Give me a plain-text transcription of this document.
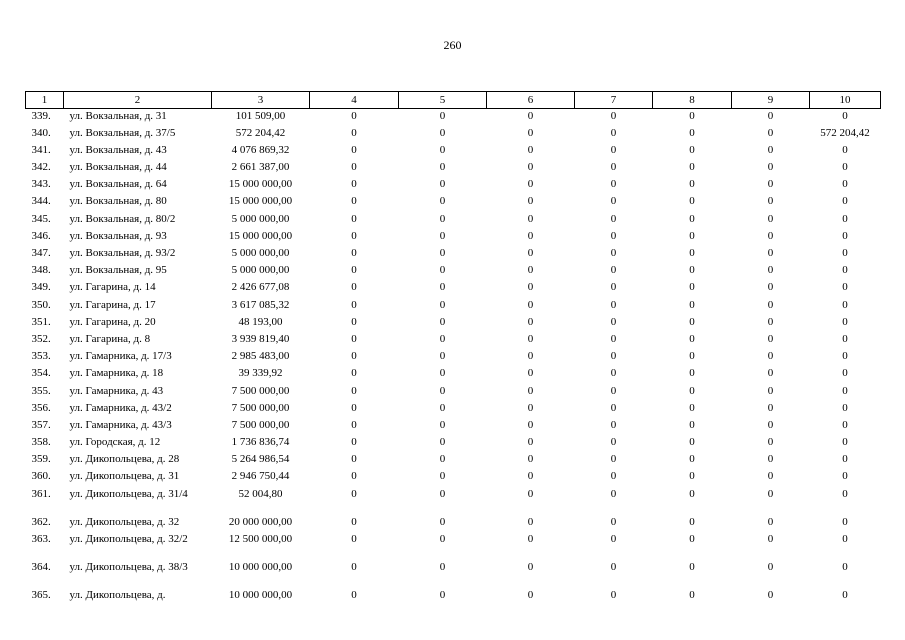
260
1	2	3	4	5	6	7	8	9	10
339.	ул. Вокзальная, д. 31	101 509,00	0	0	0	0	0	0	0
340.	ул. Вокзальная, д. 37/5	572 204,42	0	0	0	0	0	0	572 204,42
341.	ул. Вокзальная, д. 43	4 076 869,32	0	0	0	0	0	0	0
342.	ул. Вокзальная, д. 44	2 661 387,00	0	0	0	0	0	0	0
343.	ул. Вокзальная, д. 64	15 000 000,00	0	0	0	0	0	0	0
344.	ул. Вокзальная, д. 80	15 000 000,00	0	0	0	0	0	0	0
345.	ул. Вокзальная, д. 80/2	5 000 000,00	0	0	0	0	0	0	0
346.	ул. Вокзальная, д. 93	15 000 000,00	0	0	0	0	0	0	0
347.	ул. Вокзальная, д. 93/2	5 000 000,00	0	0	0	0	0	0	0
348.	ул. Вокзальная, д. 95	5 000 000,00	0	0	0	0	0	0	0
349.	ул. Гагарина, д. 14	2 426 677,08	0	0	0	0	0	0	0
350.	ул. Гагарина, д. 17	3 617 085,32	0	0	0	0	0	0	0
351.	ул. Гагарина, д. 20	48 193,00	0	0	0	0	0	0	0
352.	ул. Гагарина, д. 8	3 939 819,40	0	0	0	0	0	0	0
353.	ул. Гамарника, д. 17/3	2 985 483,00	0	0	0	0	0	0	0
354.	ул. Гамарника, д. 18	39 339,92	0	0	0	0	0	0	0
355.	ул. Гамарника, д. 43	7 500 000,00	0	0	0	0	0	0	0
356.	ул. Гамарника, д. 43/2	7 500 000,00	0	0	0	0	0	0	0
357.	ул. Гамарника, д. 43/3	7 500 000,00	0	0	0	0	0	0	0
358.	ул. Городская, д. 12	1 736 836,74	0	0	0	0	0	0	0
359.	ул. Дикопольцева, д. 28	5 264 986,54	0	0	0	0	0	0	0
360.	ул. Дикопольцева, д. 31	2 946 750,44	0	0	0	0	0	0	0
361.	ул. Дикопольцева, д. 31/4	52 004,80	0	0	0	0	0	0	0
362.	ул. Дикопольцева, д. 32	20 000 000,00	0	0	0	0	0	0	0
363.	ул. Дикопольцева, д. 32/2	12 500 000,00	0	0	0	0	0	0	0
364.	ул. Дикопольцева, д. 38/3	10 000 000,00	0	0	0	0	0	0	0
365.	ул. Дикопольцева, д.	10 000 000,00	0	0	0	0	0	0	0
